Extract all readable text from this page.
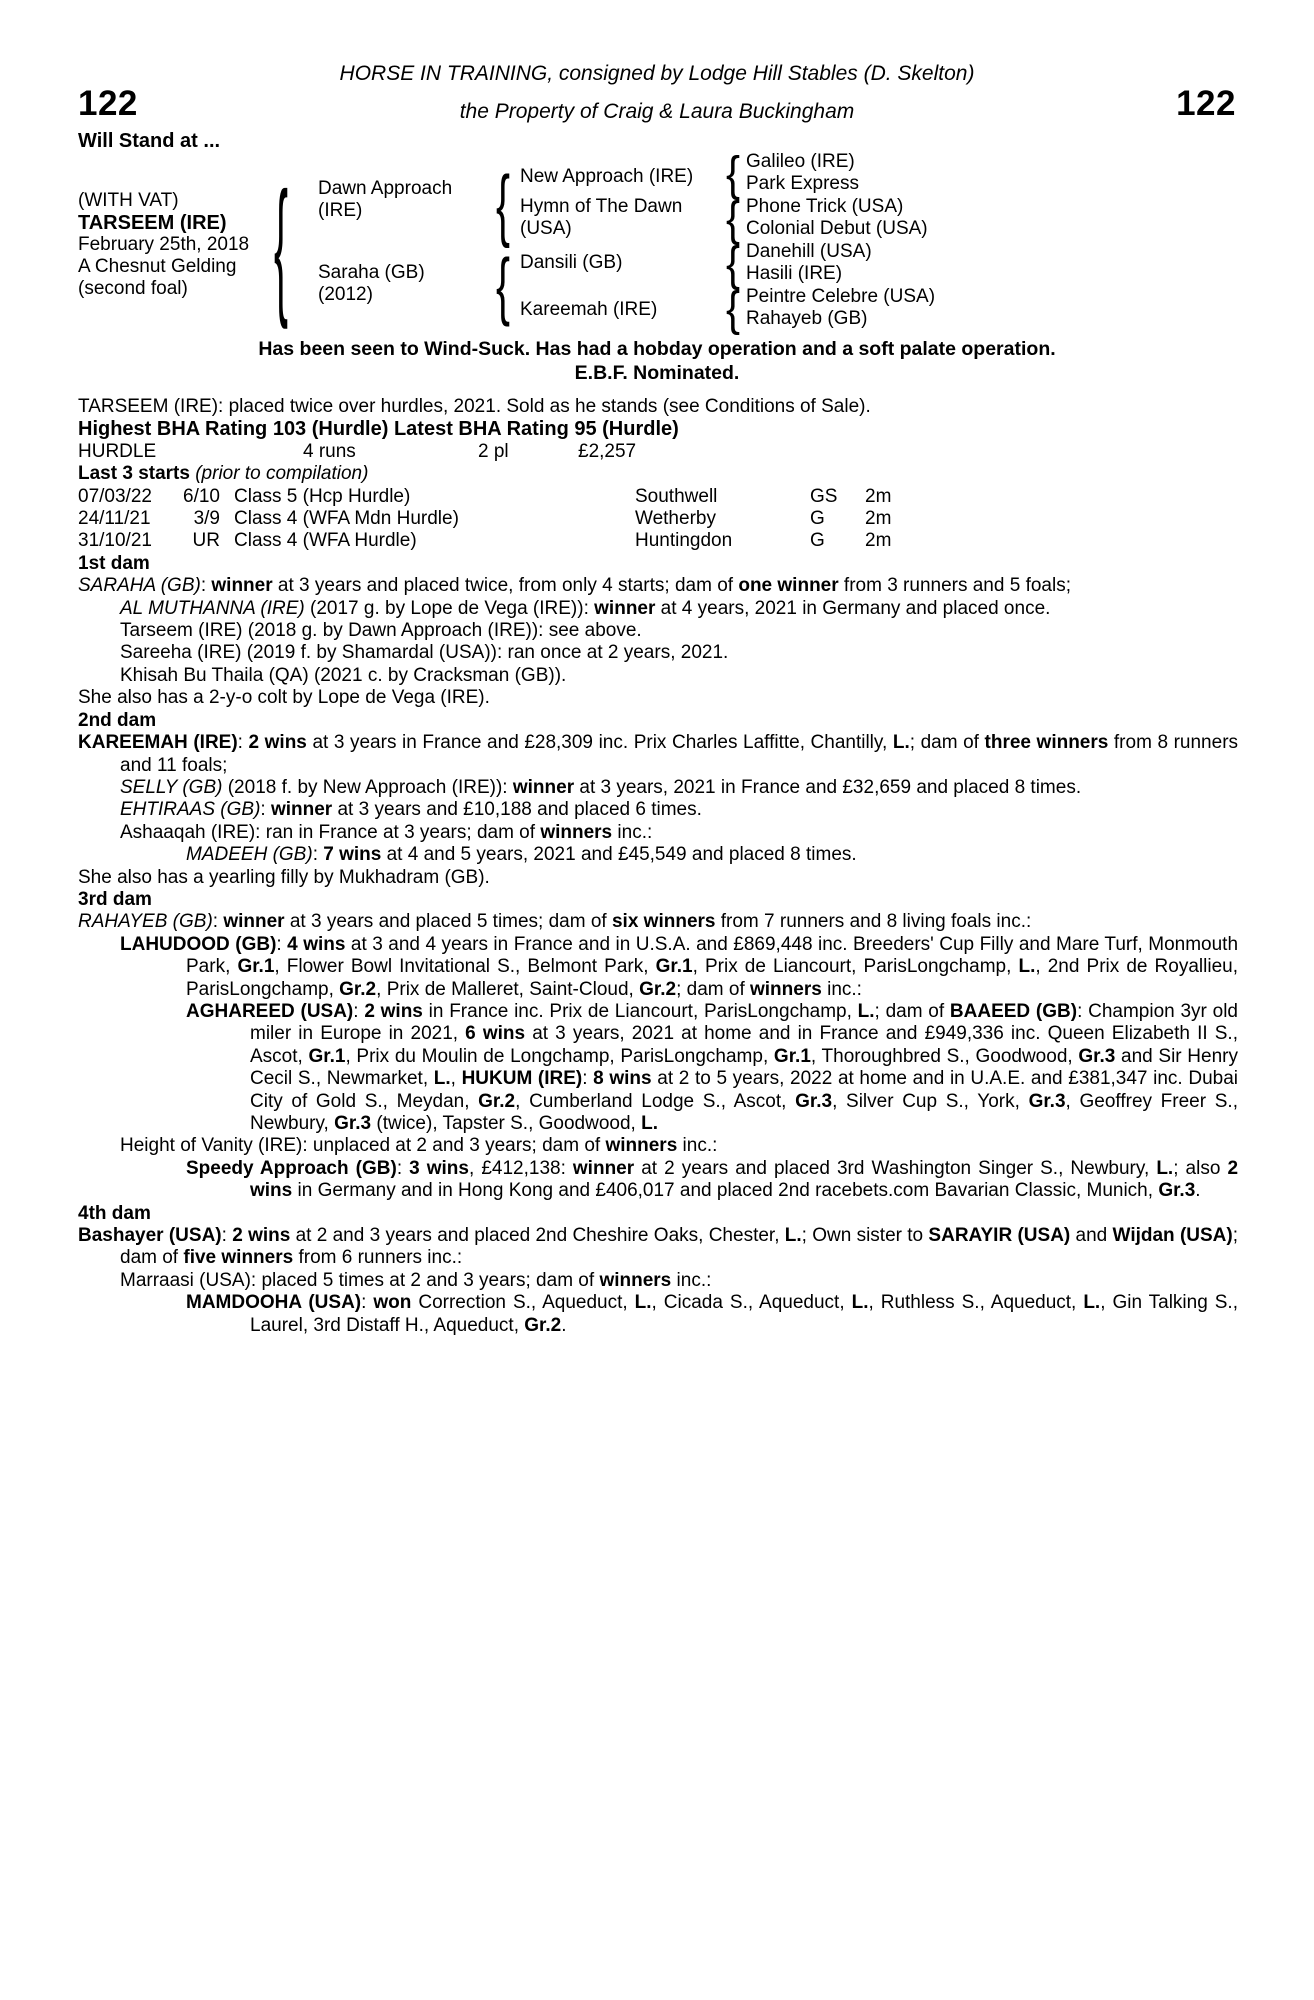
HORSE IN TRAINING, consigned by Lodge Hill Stables (D. Skelton)
the Property of Craig & Laura Buckingham
122	122
Will Stand at ...
(WITH VAT)
TARSEEM (IRE)
February 25th, 2018
A Chesnut Gelding
(second foal)	{ Dawn Approach
(IRE)
Saraha (GB)
(2012)
{
{
New Approach (IRE)
Hymn of The Dawn
(USA)
Dansili (GB)
Kareemah (IRE)
{
{
{
{
Galileo (IRE)
Park Express
Phone Trick (USA)
Colonial Debut (USA)
Danehill (USA)
Hasili (IRE)
Peintre Celebre (USA)
Rahayeb (GB)
Has been seen to Wind-Suck. Has had a hobday operation and a soft palate operation.
E.B.F. Nominated.

TARSEEM (IRE): placed twice over hurdles, 2021. Sold as he stands (see Conditions of Sale).

Highest BHA Rating 103 (Hurdle) Latest BHA Rating 95 (Hurdle)

HURDLE	4 runs	2 pl	£2,257

Last 3 starts (prior to compilation)

07/03/22	6/10 Class 5 (Hcp Hurdle)	Southwell	GS	2m
24/11/21	3/9 Class 4 (WFA Mdn Hurdle)	Wetherby	G	2m
31/10/21	UR Class 4 (WFA Hurdle)	Huntingdon	G	2m

1st dam

SARAHA (GB): winner at 3 years and placed twice, from only 4 starts; dam of one winner from 3 runners and 5 foals;

AL MUTHANNA (IRE) (2017 g. by Lope de Vega (IRE)): winner at 4 years, 2021 in Germany and placed once.

Tarseem (IRE) (2018 g. by Dawn Approach (IRE)): see above.

Sareeha (IRE) (2019 f. by Shamardal (USA)): ran once at 2 years, 2021.

Khisah Bu Thaila (QA) (2021 c. by Cracksman (GB)).

She also has a 2-y-o colt by Lope de Vega (IRE).

2nd dam

KAREEMAH (IRE): 2 wins at 3 years in France and £28,309 inc. Prix Charles Laffitte, Chantilly, L.; dam of three winners from 8 runners and 11 foals;

SELLY (GB) (2018 f. by New Approach (IRE)): winner at 3 years, 2021 in France and £32,659 and placed 8 times.

EHTIRAAS (GB): winner at 3 years and £10,188 and placed 6 times.

Ashaaqah (IRE): ran in France at 3 years; dam of winners inc.:

MADEEH (GB): 7 wins at 4 and 5 years, 2021 and £45,549 and placed 8 times.

She also has a yearling filly by Mukhadram (GB).

3rd dam

RAHAYEB (GB): winner at 3 years and placed 5 times; dam of six winners from 7 runners and 8 living foals inc.:

LAHUDOOD (GB): 4 wins at 3 and 4 years in France and in U.S.A. and £869,448 inc. Breeders' Cup Filly and Mare Turf, Monmouth Park, Gr.1, Flower Bowl Invitational S., Belmont Park, Gr.1, Prix de Liancourt, ParisLongchamp, L., 2nd Prix de Royallieu, ParisLongchamp, Gr.2, Prix de Malleret, Saint-Cloud, Gr.2; dam of winners inc.:

AGHAREED (USA): 2 wins in France inc. Prix de Liancourt, ParisLongchamp, L.; dam of BAAEED (GB): Champion 3yr old miler in Europe in 2021, 6 wins at 3 years, 2021 at home and in France and £949,336 inc. Queen Elizabeth II S., Ascot, Gr.1, Prix du Moulin de Longchamp, ParisLongchamp, Gr.1, Thoroughbred S., Goodwood, Gr.3 and Sir Henry Cecil S., Newmarket, L., HUKUM (IRE): 8 wins at 2 to 5 years, 2022 at home and in U.A.E. and £381,347 inc. Dubai City of Gold S., Meydan, Gr.2, Cumberland Lodge S., Ascot, Gr.3, Silver Cup S., York, Gr.3, Geoffrey Freer S., Newbury, Gr.3 (twice), Tapster S., Goodwood, L.

Height of Vanity (IRE): unplaced at 2 and 3 years; dam of winners inc.:

Speedy Approach (GB): 3 wins, £412,138: winner at 2 years and placed 3rd Washington Singer S., Newbury, L.; also 2 wins in Germany and in Hong Kong and £406,017 and placed 2nd racebets.com Bavarian Classic, Munich, Gr.3.

4th dam

Bashayer (USA): 2 wins at 2 and 3 years and placed 2nd Cheshire Oaks, Chester, L.; Own sister to SARAYIR (USA) and Wijdan (USA); dam of five winners from 6 runners inc.:

Marraasi (USA): placed 5 times at 2 and 3 years; dam of winners inc.:

MAMDOOHA (USA): won Correction S., Aqueduct, L., Cicada S., Aqueduct, L., Ruthless S., Aqueduct, L., Gin Talking S., Laurel, 3rd Distaff H., Aqueduct, Gr.2.
